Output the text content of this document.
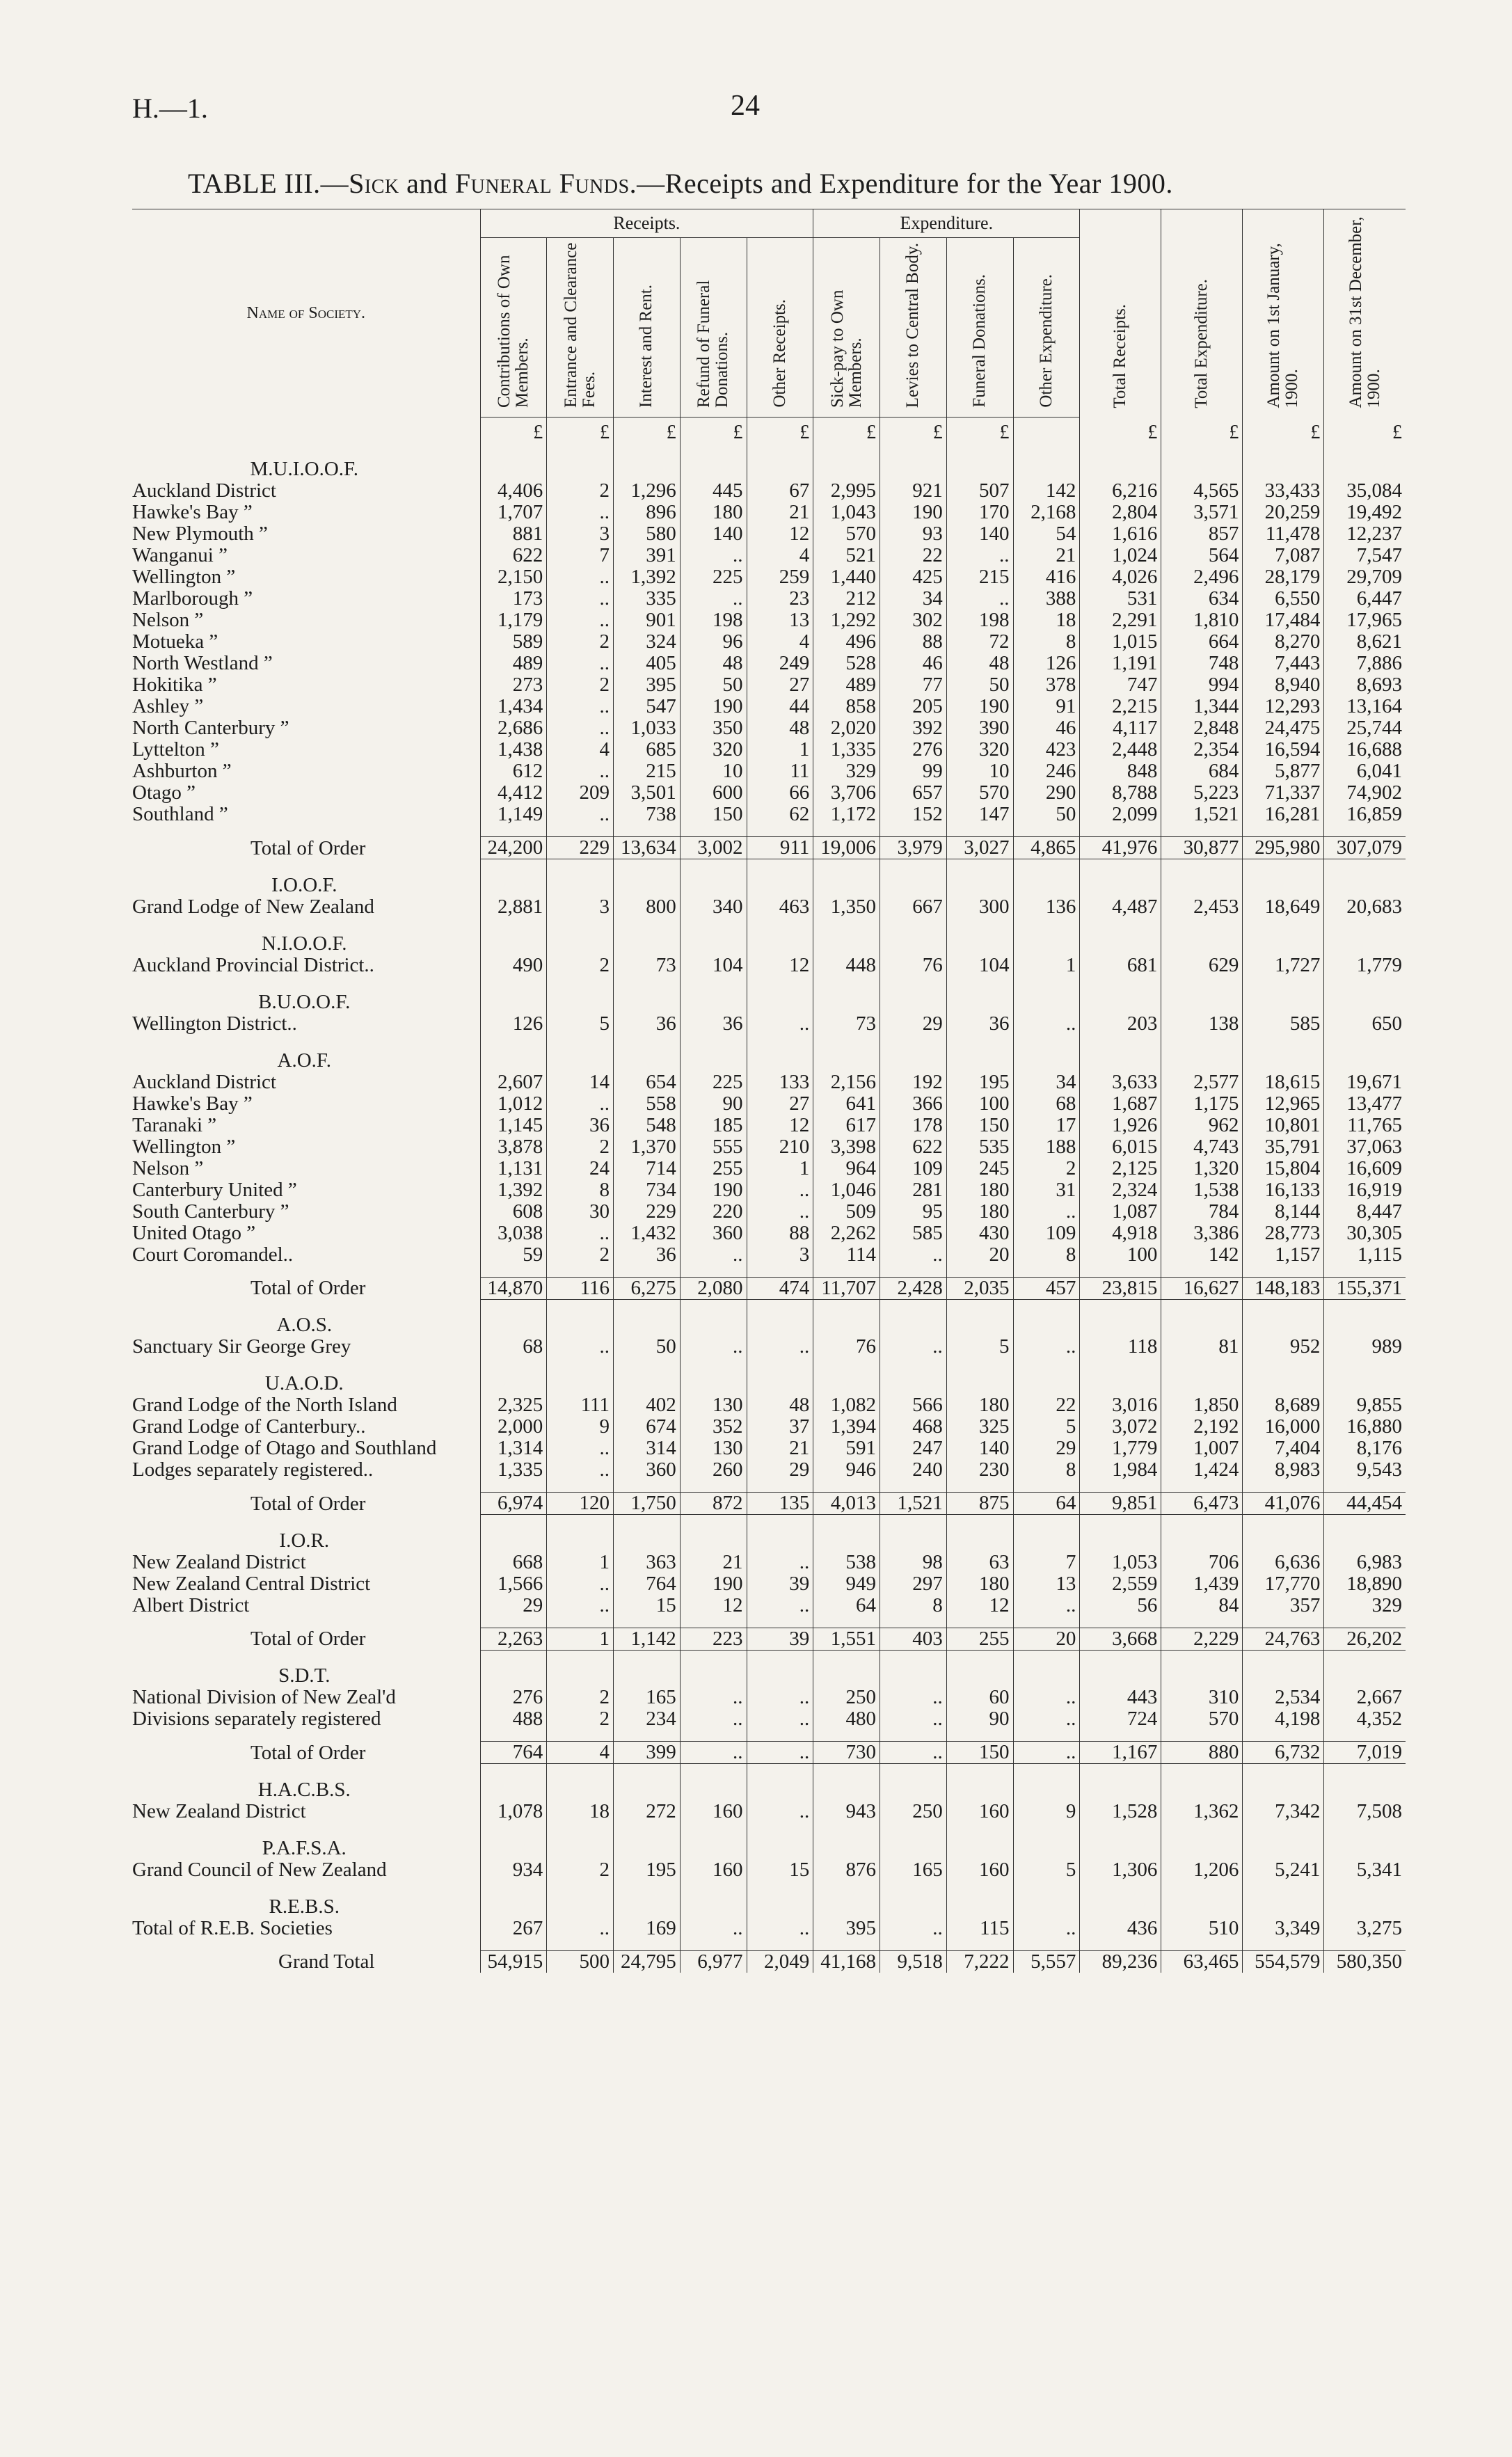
H.—1.	24
TABLE III.—Sick and Funeral Funds.—Receipts and Expenditure for the Year 1900.
Name of Society.	Receipts.					Expenditure.				Total Receipts.	Total Expenditure.	Amount on 1st January, 1900.	Amount on 31st December, 1900.
	Contributions of Own Members.	Entrance and Clearance Fees.	Interest and Rent.	Refund of Funeral Donations.	Other Receipts.	Sick-pay to Own Members.	Levies to Central Body.	Funeral Donations.	Other Expenditure.				
	£	£	£	£	£	£	£	£		£	£	£	£
M.U.I.O.O.F.													

Auckland District	4,406	2	1,296	445	67	2,995	921	507	142	6,216	4,565	33,433	35,084

Hawke's Bay ”	1,707	..	896	180	21	1,043	190	170	2,168	2,804	3,571	20,259	19,492

New Plymouth ”	881	3	580	140	12	570	93	140	54	1,616	857	11,478	12,237

Wanganui ”	622	7	391	..	4	521	22	..	21	1,024	564	7,087	7,547

Wellington ”	2,150	..	1,392	225	259	1,440	425	215	416	4,026	2,496	28,179	29,709

Marlborough ”	173	..	335	..	23	212	34	..	388	531	634	6,550	6,447

Nelson ”	1,179	..	901	198	13	1,292	302	198	18	2,291	1,810	17,484	17,965

Motueka ”	589	2	324	96	4	496	88	72	8	1,015	664	8,270	8,621

North Westland ”	489	..	405	48	249	528	46	48	126	1,191	748	7,443	7,886

Hokitika ”	273	2	395	50	27	489	77	50	378	747	994	8,940	8,693

Ashley ”	1,434	..	547	190	44	858	205	190	91	2,215	1,344	12,293	13,164

North Canterbury ”	2,686	..	1,033	350	48	2,020	392	390	46	4,117	2,848	24,475	25,744

Lyttelton ”	1,438	4	685	320	1	1,335	276	320	423	2,448	2,354	16,594	16,688

Ashburton ”	612	..	215	10	11	329	99	10	246	848	684	5,877	6,041

Otago ”	4,412	209	3,501	600	66	3,706	657	570	290	8,788	5,223	71,337	74,902

Southland ”	1,149	..	738	150	62	1,172	152	147	50	2,099	1,521	16,281	16,859

Total of Order	24,200	229	13,634	3,002	911	19,006	3,979	3,027	4,865	41,976	30,877	295,980	307,079
I.O.O.F.													

Grand Lodge of New Zealand	2,881	3	800	340	463	1,350	667	300	136	4,487	2,453	18,649	20,683
N.I.O.O.F.													

Auckland Provincial District..	490	2	73	104	12	448	76	104	1	681	629	1,727	1,779
B.U.O.O.F.													

Wellington District..	126	5	36	36	..	73	29	36	..	203	138	585	650
A.O.F.													

Auckland District	2,607	14	654	225	133	2,156	192	195	34	3,633	2,577	18,615	19,671

Hawke's Bay ”	1,012	..	558	90	27	641	366	100	68	1,687	1,175	12,965	13,477

Taranaki ”	1,145	36	548	185	12	617	178	150	17	1,926	962	10,801	11,765

Wellington ”	3,878	2	1,370	555	210	3,398	622	535	188	6,015	4,743	35,791	37,063

Nelson ”	1,131	24	714	255	1	964	109	245	2	2,125	1,320	15,804	16,609

Canterbury United ”	1,392	8	734	190	..	1,046	281	180	31	2,324	1,538	16,133	16,919

South Canterbury ”	608	30	229	220	..	509	95	180	..	1,087	784	8,144	8,447

United Otago ”	3,038	..	1,432	360	88	2,262	585	430	109	4,918	3,386	28,773	30,305

Court Coromandel..	59	2	36	..	3	114	..	20	8	100	142	1,157	1,115

Total of Order	14,870	116	6,275	2,080	474	11,707	2,428	2,035	457	23,815	16,627	148,183	155,371
A.O.S.													

Sanctuary Sir George Grey	68	..	50	..	..	76	..	5	..	118	81	952	989
U.A.O.D.													

Grand Lodge of the North Island	2,325	111	402	130	48	1,082	566	180	22	3,016	1,850	8,689	9,855

Grand Lodge of Canterbury..	2,000	9	674	352	37	1,394	468	325	5	3,072	2,192	16,000	16,880

Grand Lodge of Otago and Southland	1,314	..	314	130	21	591	247	140	29	1,779	1,007	7,404	8,176

Lodges separately registered..	1,335	..	360	260	29	946	240	230	8	1,984	1,424	8,983	9,543

Total of Order	6,974	120	1,750	872	135	4,013	1,521	875	64	9,851	6,473	41,076	44,454
I.O.R.													

New Zealand District	668	1	363	21	..	538	98	63	7	1,053	706	6,636	6,983

New Zealand Central District	1,566	..	764	190	39	949	297	180	13	2,559	1,439	17,770	18,890

Albert District	29	..	15	12	..	64	8	12	..	56	84	357	329

Total of Order	2,263	1	1,142	223	39	1,551	403	255	20	3,668	2,229	24,763	26,202
S.D.T.													

National Division of New Zeal'd	276	2	165	..	..	250	..	60	..	443	310	2,534	2,667

Divisions separately registered	488	2	234	..	..	480	..	90	..	724	570	4,198	4,352

Total of Order	764	4	399	..	..	730	..	150	..	1,167	880	6,732	7,019
H.A.C.B.S.													

New Zealand District	1,078	18	272	160	..	943	250	160	9	1,528	1,362	7,342	7,508
P.A.F.S.A.													

Grand Council of New Zealand	934	2	195	160	15	876	165	160	5	1,306	1,206	5,241	5,341
R.E.B.S.													

Total of R.E.B. Societies	267	..	169	..	..	395	..	115	..	436	510	3,349	3,275

Grand Total	54,915	500	24,795	6,977	2,049	41,168	9,518	7,222	5,557	89,236	63,465	554,579	580,350
